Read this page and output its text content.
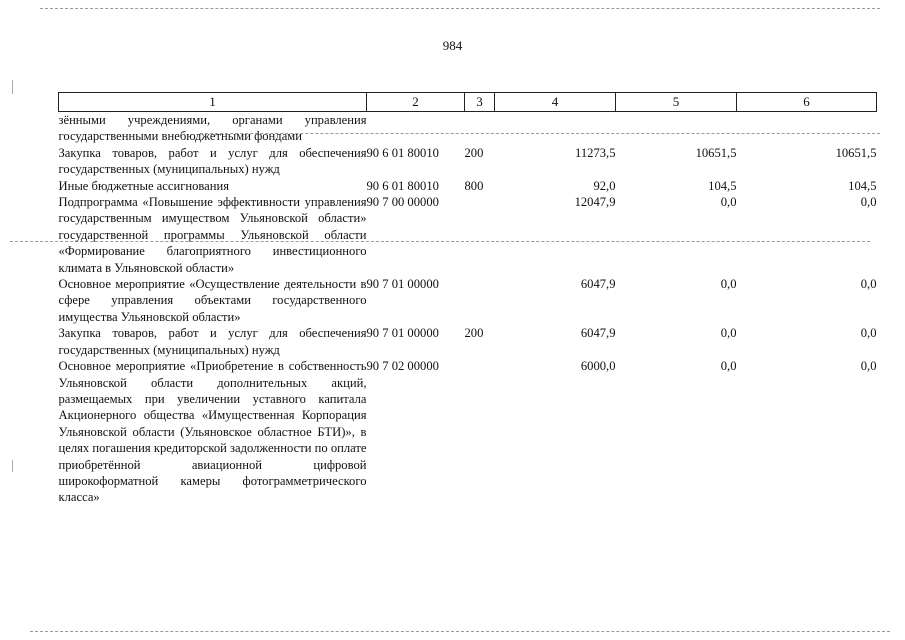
984
1	2	3	4	5	6
зёнными учреждениями, органами управления государственными внебюджетными фондами					
Закупка товаров, работ и услуг для обеспечения государственных (муниципальных) нужд	90 6 01 80010	200	11273,5	10651,5	10651,5
Иные бюджетные ассигнования	90 6 01 80010	800	92,0	104,5	104,5
Подпрограмма «Повышение эффективности управления государственным имуществом Ульяновской области» государственной программы Ульяновской области «Формирование благоприятного инвестиционного климата в Ульяновской области»	90 7 00 00000		12047,9	0,0	0,0
Основное мероприятие «Осуществление деятельности в сфере управления объектами государственного имущества Ульяновской области»	90 7 01 00000		6047,9	0,0	0,0
Закупка товаров, работ и услуг для обеспечения государственных (муниципальных) нужд	90 7 01 00000	200	6047,9	0,0	0,0
Основное мероприятие «Приобретение в собственность Ульяновской области дополнительных акций, размещаемых при увеличении уставного капитала Акционерного общества «Имущественная Корпорация Ульяновской области (Ульяновское областное БТИ)», в целях погашения кредиторской задолженности по оплате приобретённой авиационной цифровой широкоформатной камеры фотограмметрического класса»	90 7 02 00000		6000,0	0,0	0,0
